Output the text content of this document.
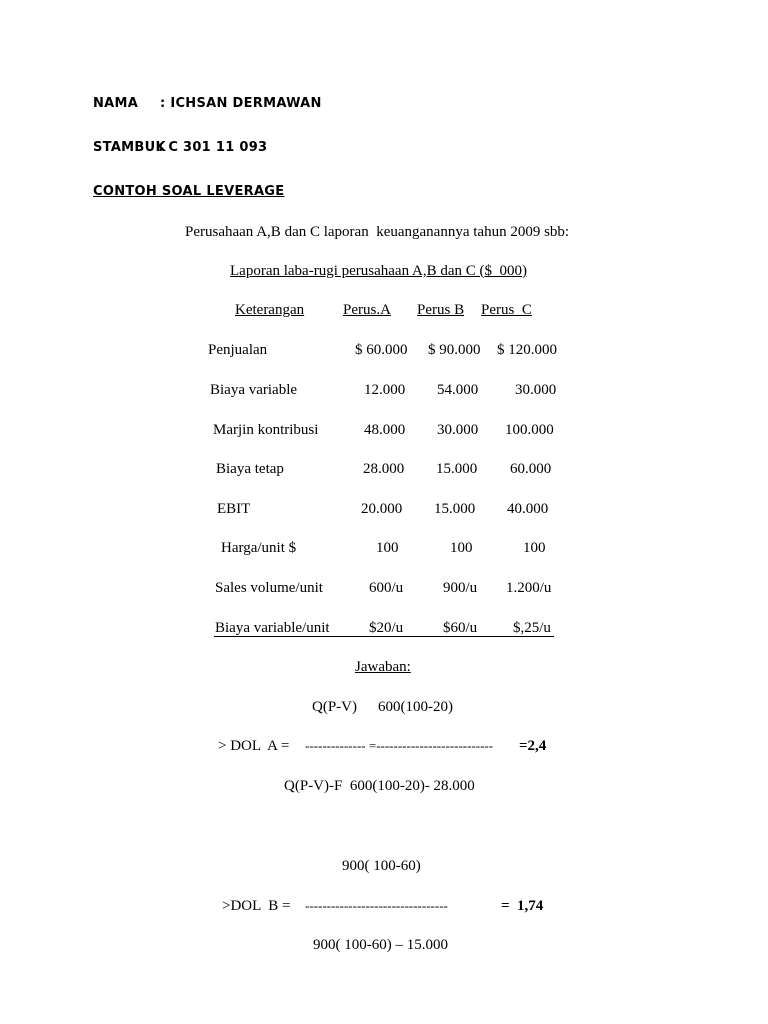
NAMA : ICHSAN DERMAWAN
STAMBUK
: C 301 11 093
CONTOH SOAL LEVERAGE
Perusahaan A,B dan C laporan  keuanganannya tahun 2009 sbb:
Laporan laba-rugi perusahaan A,B dan C ($  000)
Keterangan	Perus.A Perus B Perus  C
Penjualan	$ 60.000 $ 90.000 $ 120.000
Biaya variable	12.000 54.000 30.000
Marjin kontribusi	48.000 30.000 100.000
Biaya tetap	28.000 15.000 60.000
EBIT	20.000 15.000 40.000
Harga/unit $	100	100	100
Sales volume/unit	600/u	900/u 1.200/u
Biaya variable/unit	$20/u	$60/u $,25/u
Jawaban:
Q(P-V) 600(100-20)
> DOL  A = -------------- =--------------------------- =2,4
Q(P-V)-F  600(100-20)- 28.000
900( 100-60)
>DOL  B = ---------------------------------	=  1,74
900( 100-60) – 15.000
